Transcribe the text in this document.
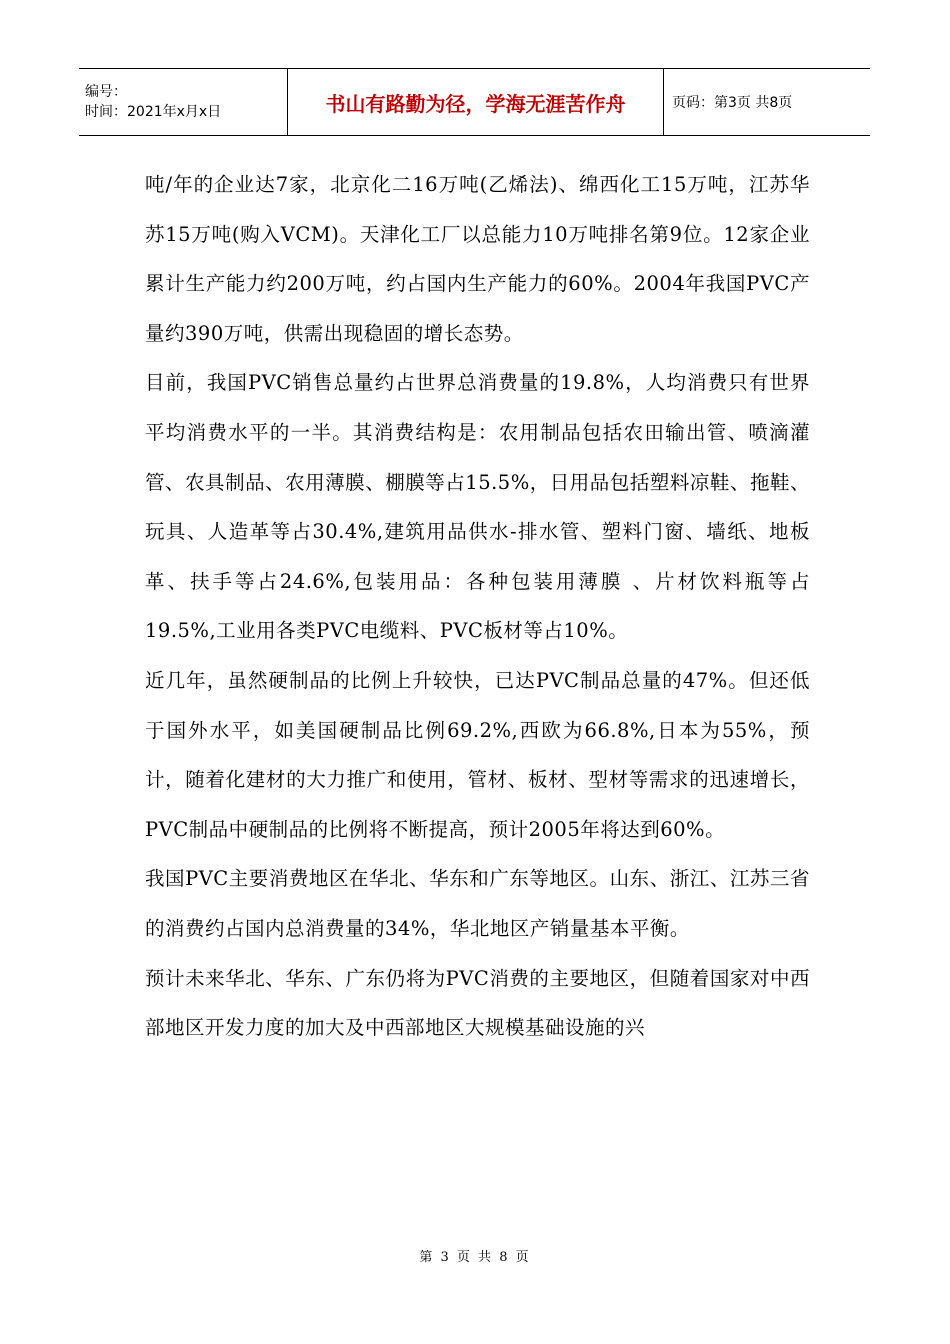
编号：
时间：2021年x月x日	书山有路勤为径，学海无涯苦作舟	页码：第3页 共8页

吨/年的企业达7家，北京化二16万吨(乙烯法)、绵西化工15万吨，江苏华苏15万吨(购入VCM)。天津化工厂以总能力10万吨排名第9位。12家企业累计生产能力约200万吨，约占国内生产能力的60%。2004年我国PVC产量约390万吨，供需出现稳固的增长态势。

目前，我国PVC销售总量约占世界总消费量的19.8%，人均消费只有世界平均消费水平的一半。其消费结构是：农用制品包括农田输出管、喷滴灌管、农具制品、农用薄膜、棚膜等占15.5%，日用品包括塑料凉鞋、拖鞋、玩具、人造革等占30.4%,建筑用品供水-排水管、塑料门窗、墙纸、地板革、扶手等占24.6%,包装用品：各种包装用薄膜 、片材饮料瓶等占19.5%,工业用各类PVC电缆料、PVC板材等占10%。

近几年，虽然硬制品的比例上升较快，已达PVC制品总量的47%。但还低于国外水平，如美国硬制品比例69.2%,西欧为66.8%,日本为55%，预计，随着化建材的大力推广和使用，管材、板材、型材等需求的迅速增长，PVC制品中硬制品的比例将不断提高，预计2005年将达到60%。

我国PVC主要消费地区在华北、华东和广东等地区。山东、浙江、江苏三省的消费约占国内总消费量的34%，华北地区产销量基本平衡。

预计未来华北、华东、广东仍将为PVC消费的主要地区，但随着国家对中西部地区开发力度的加大及中西部地区大规模基础设施的兴

第 3 页 共 8 页
